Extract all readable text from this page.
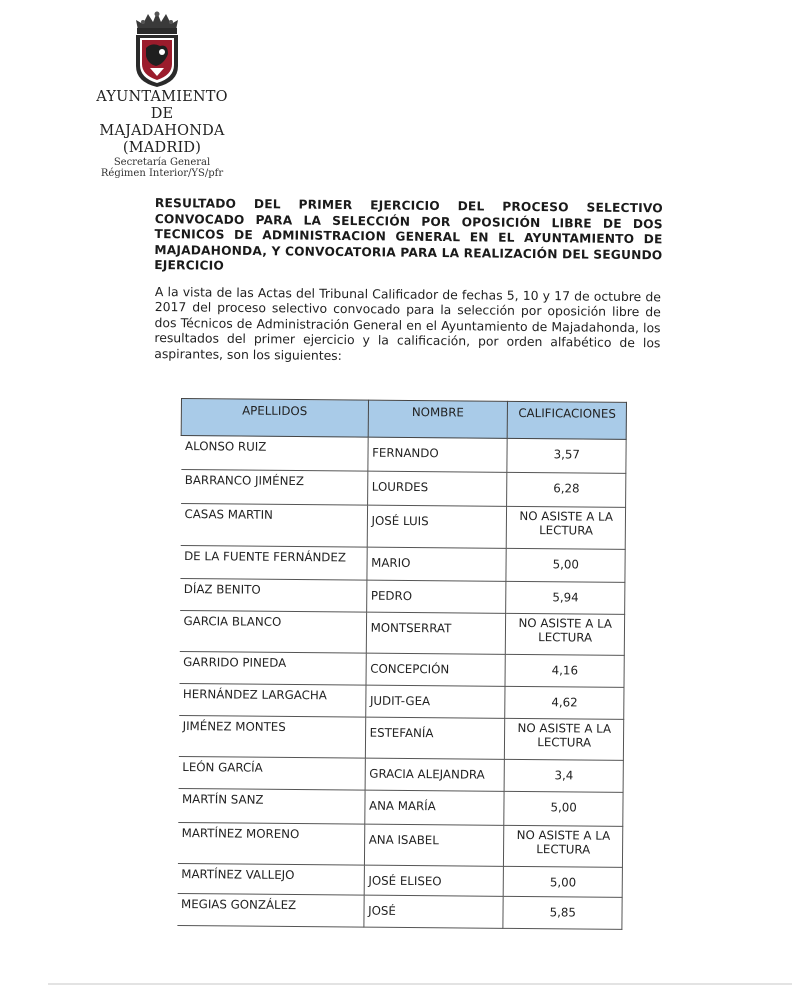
AYUNTAMIENTO DE
MAJADAHONDA
(MADRID)
Secretaría General
Régimen Interior/YS/pfr
RESULTADO DEL PRIMER EJERCICIO DEL PROCESO SELECTIVO CONVOCADO PARA LA SELECCIÓN POR OPOSICIÓN LIBRE DE DOS TECNICOS DE ADMINISTRACION GENERAL EN EL AYUNTAMIENTO DE MAJADAHONDA, Y CONVOCATORIA PARA LA REALIZACIÓN DEL SEGUNDO EJERCICIO
A la vista de las Actas del Tribunal Calificador de fechas 5, 10 y 17 de octubre de 2017 del proceso selectivo convocado para la selección por oposición libre de dos Técnicos de Administración General en el Ayuntamiento de Majadahonda, los resultados del primer ejercicio y la calificación, por orden alfabético de los aspirantes, son los siguientes:
APELLIDOS	NOMBRE	CALIFICACIONES
ALONSO RUIZ	FERNANDO	3,57
BARRANCO JIMÉNEZ	LOURDES	6,28
CASAS MARTIN	JOSÉ LUIS	NO ASISTE A LA LECTURA
DE LA FUENTE FERNÁNDEZ	MARIO	5,00
DÍAZ BENITO	PEDRO	5,94
GARCIA BLANCO	MONTSERRAT	NO ASISTE A LA LECTURA
GARRIDO PINEDA	CONCEPCIÓN	4,16
HERNÁNDEZ LARGACHA	JUDIT-GEA	4,62
JIMÉNEZ MONTES	ESTEFANÍA	NO ASISTE A LA LECTURA
LEÓN GARCÍA	GRACIA ALEJANDRA	3,4
MARTÍN SANZ	ANA MARÍA	5,00
MARTÍNEZ MORENO	ANA ISABEL	NO ASISTE A LA LECTURA
MARTÍNEZ VALLEJO	JOSÉ ELISEO	5,00
MEGIAS GONZÁLEZ	JOSÉ	5,85
